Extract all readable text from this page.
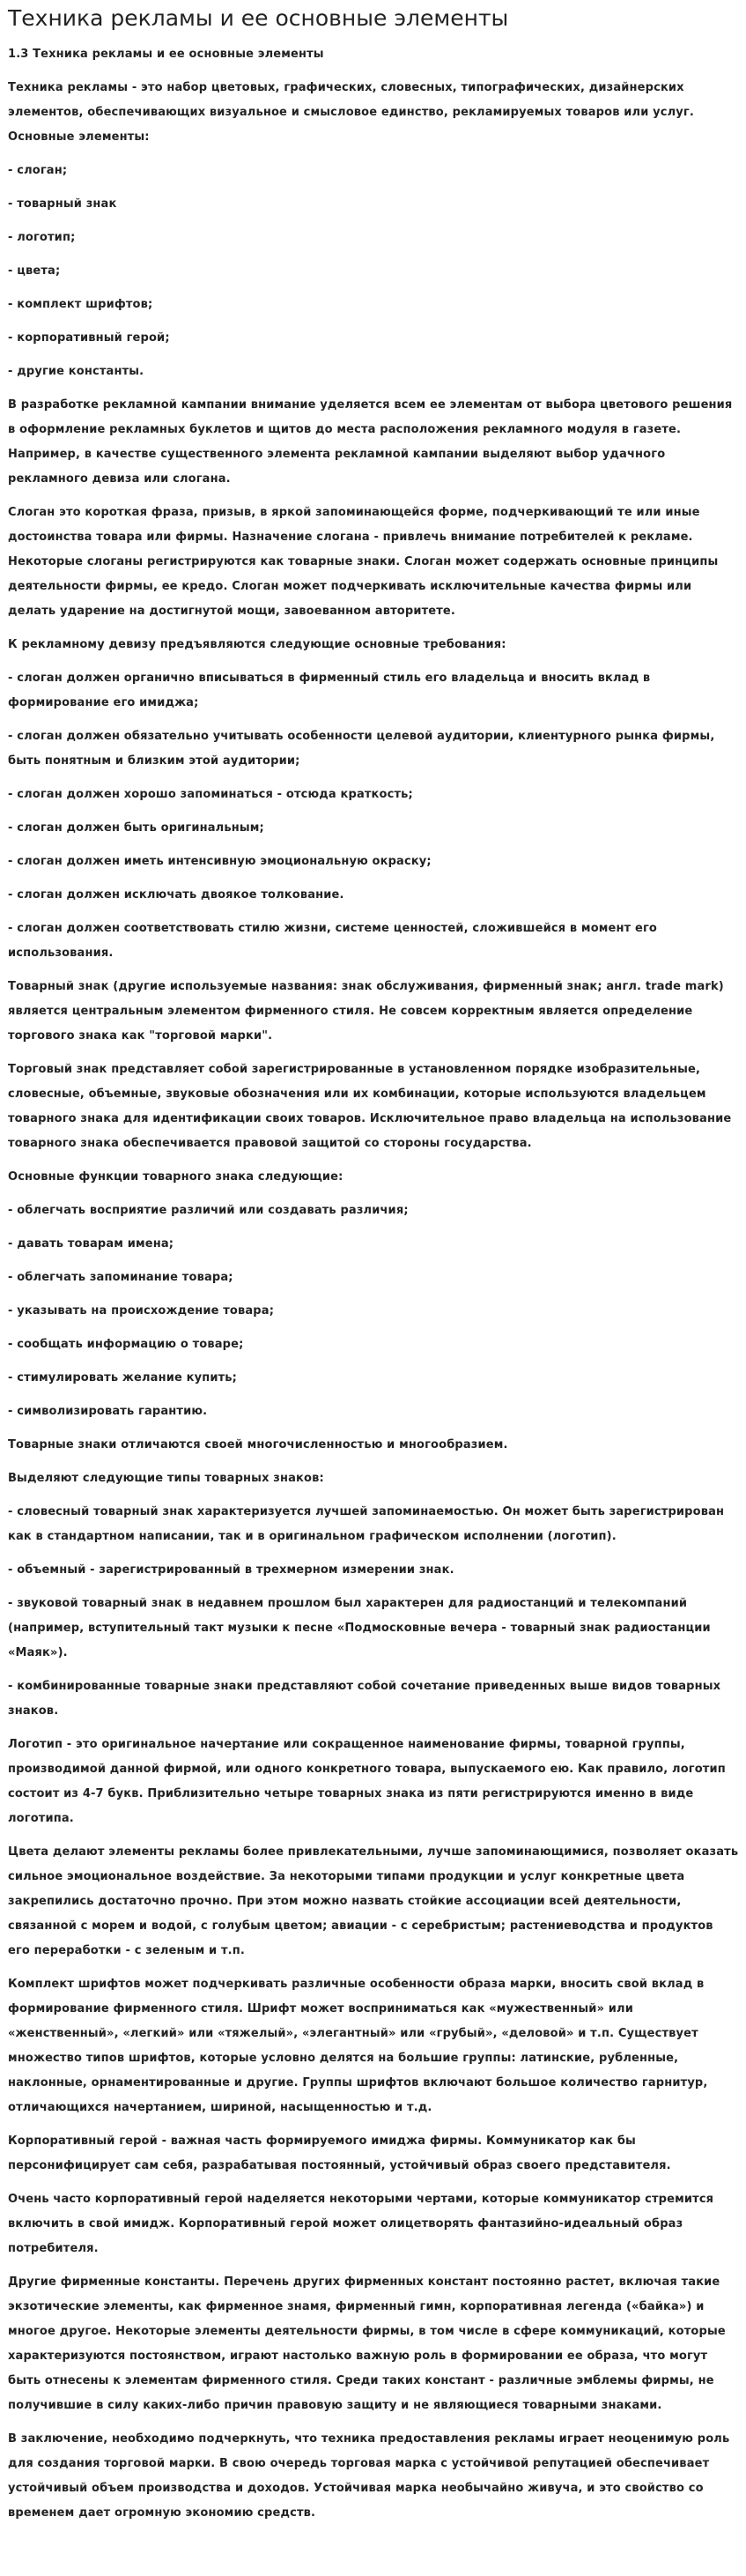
Техника рекламы и ее основные элементы

1.3 Техника рекламы и ее основные элементы

Техника рекламы - это набор цветовых, графических, словесных, типографических, дизайнерских элементов, обеспечивающих визуальное и смысловое единство, рекламируемых товаров или услуг. Основные элементы:

- слоган;

- товарный знак

- логотип;

- цвета;

- комплект шрифтов;

- корпоративный герой;

- другие константы.

В разработке рекламной кампании внимание уделяется всем ее элементам от выбора цветового решения в оформление рекламных буклетов и щитов до места расположения рекламного модуля в газете. Например, в качестве существенного элемента рекламной кампании выделяют выбор удачного рекламного девиза или слогана.

Слоган это короткая фраза, призыв, в яркой запоминающейся форме, подчеркивающий те или иные достоинства товара или фирмы. Назначение слогана - привлечь внимание потребителей к рекламе. Некоторые слоганы регистрируются как товарные знаки. Слоган может содержать основные принципы деятельности фирмы, ее кредо. Слоган может подчеркивать исключительные качества фирмы или делать ударение на достигнутой мощи, завоеванном авторитете.

К рекламному девизу предъявляются следующие основные требования:

- слоган должен органично вписываться в фирменный стиль его владельца и вносить вклад в формирование его имиджа;

- слоган должен обязательно учитывать особенности целевой аудитории, клиентурного рынка фирмы, быть понятным и близким этой аудитории;

- слоган должен хорошо запоминаться - отсюда краткость;

- слоган должен быть оригинальным;

- слоган должен иметь интенсивную эмоциональную окраску;

- слоган должен исключать двоякое толкование.

- слоган должен соответствовать стилю жизни, системе ценностей, сложившейся в момент его использования.

Товарный знак (другие используемые названия: знак обслуживания, фирменный знак; англ. trade mark) является центральным элементом фирменного стиля. Не совсем корректным является определение торгового знака как "торговой марки".

Торговый знак представляет собой зарегистрированные в установленном порядке изобразительные, словесные, объемные, звуковые обозначения или их комбинации, которые используются владельцем товарного знака для идентификации своих товаров. Исключительное право владельца на использование товарного знака обеспечивается правовой защитой со стороны государства.

Основные функции товарного знака следующие:

- облегчать восприятие различий или создавать различия;

- давать товарам имена;

- облегчать запоминание товара;

- указывать на происхождение товара;

- сообщать информацию о товаре;

- стимулировать желание купить;

- символизировать гарантию.

Товарные знаки отличаются своей многочисленностью и многообразием.

Выделяют следующие типы товарных знаков:

- словесный товарный знак характеризуется лучшей запоминаемостью. Он может быть зарегистрирован как в стандартном написании, так и в оригинальном графическом исполнении (логотип).

- объемный - зарегистрированный в трехмерном измерении знак.

- звуковой товарный знак в недавнем прошлом был характерен для радиостанций и телекомпаний (например, вступительный такт музыки к песне «Подмосковные вечера - товарный знак радиостанции «Маяк»).

- комбинированные товарные знаки представляют собой сочетание приведенных выше видов товарных знаков.

Логотип - это оригинальное начертание или сокращенное наименование фирмы, товарной группы, производимой данной фирмой, или одного конкретного товара, выпускаемого ею. Как правило, логотип состоит из 4-7 букв. Приблизительно четыре товарных знака из пяти регистрируются именно в виде логотипа.

Цвета делают элементы рекламы более привлекательными, лучше запоминающимися, позволяет оказать сильное эмоциональное воздействие. За некоторыми типами продукции и услуг конкретные цвета закрепились достаточно прочно. При этом можно назвать стойкие ассоциации всей деятельности, связанной с морем и водой, с голубым цветом; авиации - с серебристым; растениеводства и продуктов его переработки - с зеленым и т.п.

Комплект шрифтов может подчеркивать различные особенности образа марки, вносить свой вклад в формирование фирменного стиля. Шрифт может восприниматься как «мужественный» или «женственный», «легкий» или «тяжелый», «элегантный» или «грубый», «деловой» и т.п. Существует множество типов шрифтов, которые условно делятся на большие группы: латинские, рубленные, наклонные, орнаментированные и другие. Группы шрифтов включают большое количество гарнитур, отличающихся начертанием, шириной, насыщенностью и т.д.

Корпоративный герой - важная часть формируемого имиджа фирмы. Коммуникатор как бы персонифицирует сам себя, разрабатывая постоянный, устойчивый образ своего представителя.

Очень часто корпоративный герой наделяется некоторыми чертами, которые коммуникатор стремится включить в свой имидж. Корпоративный герой может олицетворять фантазийно-идеальный образ потребителя.

Другие фирменные константы. Перечень других фирменных констант постоянно растет, включая такие экзотические элементы, как фирменное знамя, фирменный гимн, корпоративная легенда («байка») и многое другое. Некоторые элементы деятельности фирмы, в том числе в сфере коммуникаций, которые характеризуются постоянством, играют настолько важную роль в формировании ее образа, что могут быть отнесены к элементам фирменного стиля. Среди таких констант - различные эмблемы фирмы, не получившие в силу каких-либо причин правовую защиту и не являющиеся товарными знаками.

В заключение, необходимо подчеркнуть, что техника предоставления рекламы играет неоценимую роль для создания торговой марки. В свою очередь торговая марка с устойчивой репутацией обеспечивает устойчивый объем производства и доходов. Устойчивая марка необычайно живуча, и это свойство со временем дает огромную экономию средств.
